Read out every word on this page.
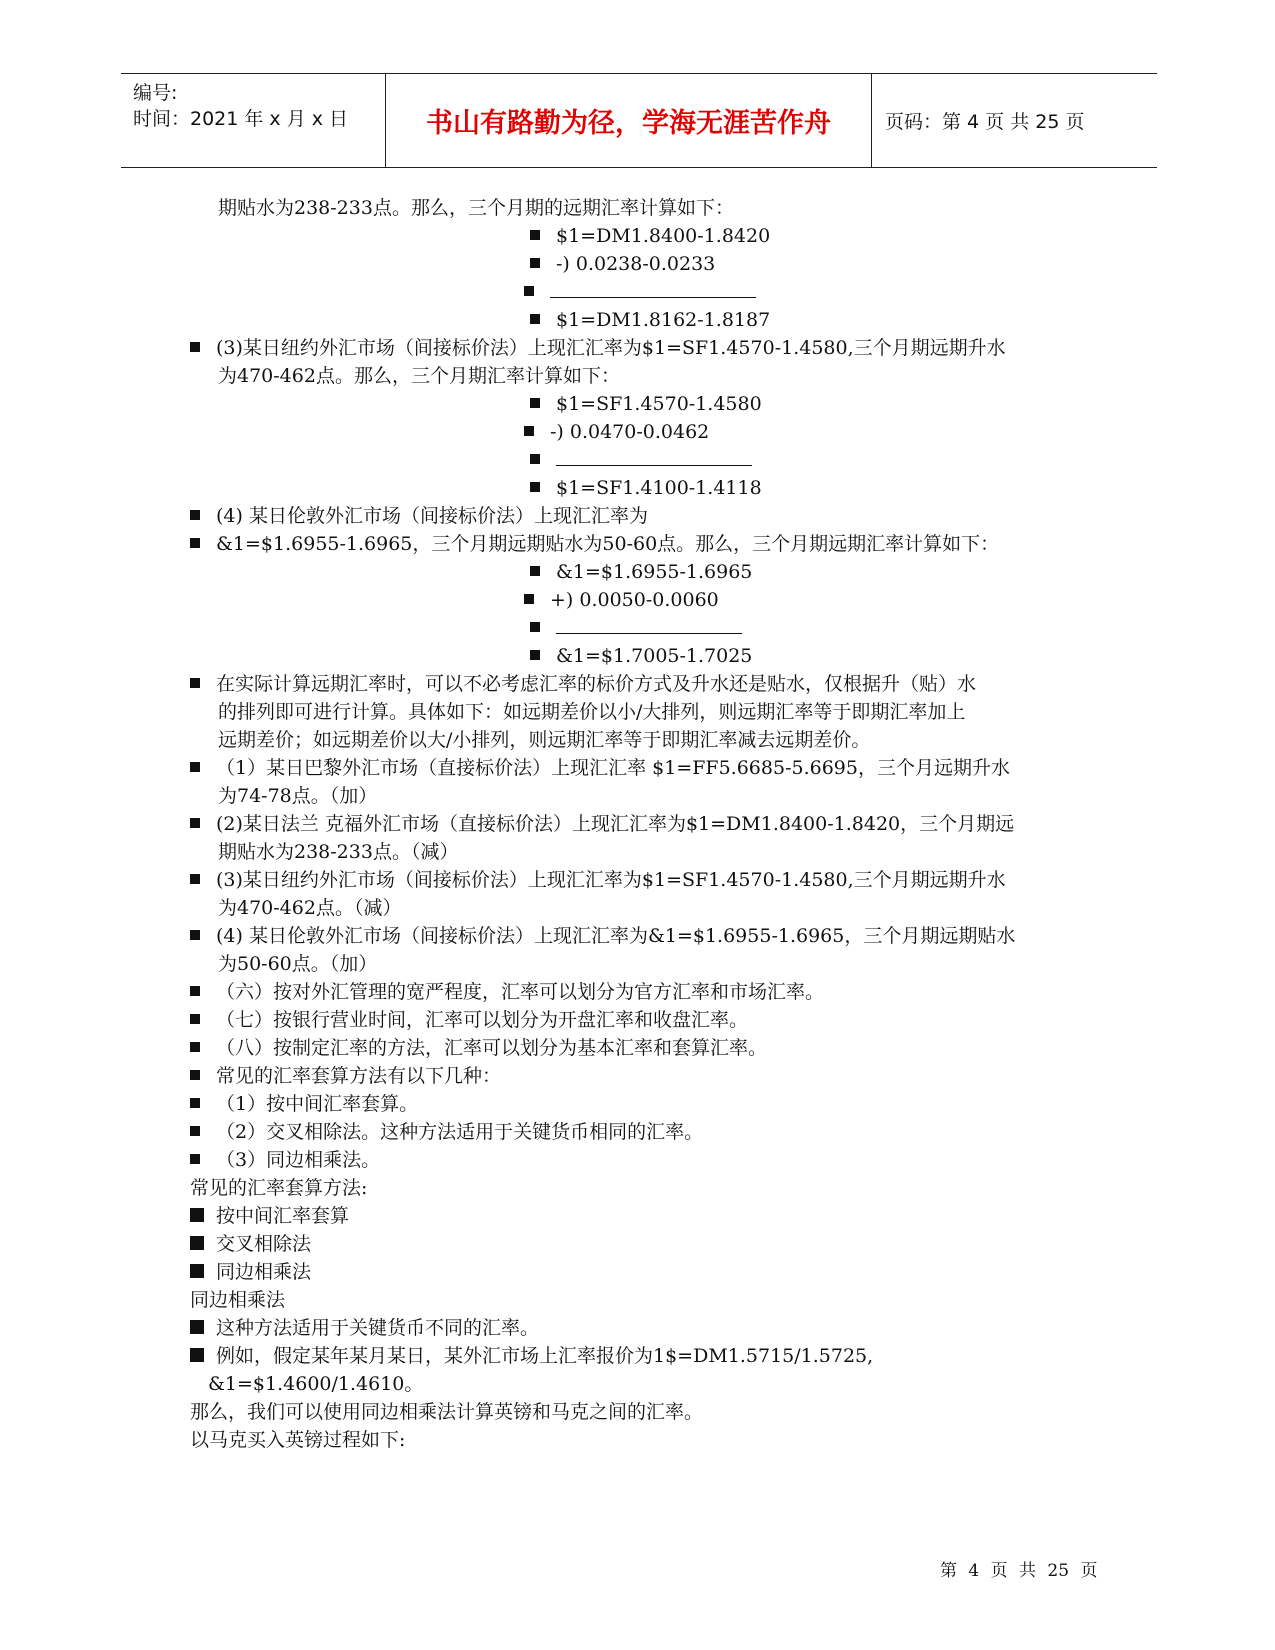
编号:
时间：2021 年 x 月 x 日	书山有路勤为径，学海无涯苦作舟	页码：第 4 页 共 25 页
期贴水为238-233点。那么，三个月期的远期汇率计算如下：
$1=DM1.8400-1.8420
-) 0.0238-0.0233
$1=DM1.8162-1.8187
(3)某日纽约外汇市场（间接标价法）上现汇汇率为$1=SF1.4570-1.4580,三个月期远期升水
为470-462点。那么，三个月期汇率计算如下：
$1=SF1.4570-1.4580
-) 0.0470-0.0462
$1=SF1.4100-1.4118
(4) 某日伦敦外汇市场（间接标价法）上现汇汇率为
&1=$1.6955-1.6965，三个月期远期贴水为50-60点。那么，三个月期远期汇率计算如下：
&1=$1.6955-1.6965
+) 0.0050-0.0060
&1=$1.7005-1.7025
在实际计算远期汇率时，可以不必考虑汇率的标价方式及升水还是贴水，仅根据升（贴）水
的排列即可进行计算。具体如下：如远期差价以小/大排列，则远期汇率等于即期汇率加上
远期差价；如远期差价以大/小排列，则远期汇率等于即期汇率减去远期差价。
（1）某日巴黎外汇市场（直接标价法）上现汇汇率 $1=FF5.6685-5.6695，三个月远期升水
为74-78点。（加）
(2)某日法兰 克福外汇市场（直接标价法）上现汇汇率为$1=DM1.8400-1.8420，三个月期远
期贴水为238-233点。（减）
(3)某日纽约外汇市场（间接标价法）上现汇汇率为$1=SF1.4570-1.4580,三个月期远期升水
为470-462点。（减）
(4) 某日伦敦外汇市场（间接标价法）上现汇汇率为&1=$1.6955-1.6965，三个月期远期贴水
为50-60点。（加）
（六）按对外汇管理的宽严程度，汇率可以划分为官方汇率和市场汇率。
（七）按银行营业时间，汇率可以划分为开盘汇率和收盘汇率。
（八）按制定汇率的方法，汇率可以划分为基本汇率和套算汇率。
常见的汇率套算方法有以下几种：
（1）按中间汇率套算。
（2）交叉相除法。这种方法适用于关键货币相同的汇率。
（3）同边相乘法。
常见的汇率套算方法:
按中间汇率套算
交叉相除法
同边相乘法
同边相乘法
这种方法适用于关键货币不同的汇率。
例如，假定某年某月某日，某外汇市场上汇率报价为1$=DM1.5715/1.5725,
&1=$1.4600/1.4610。
那么，我们可以使用同边相乘法计算英镑和马克之间的汇率。
以马克买入英镑过程如下:
第 4 页 共 25 页
